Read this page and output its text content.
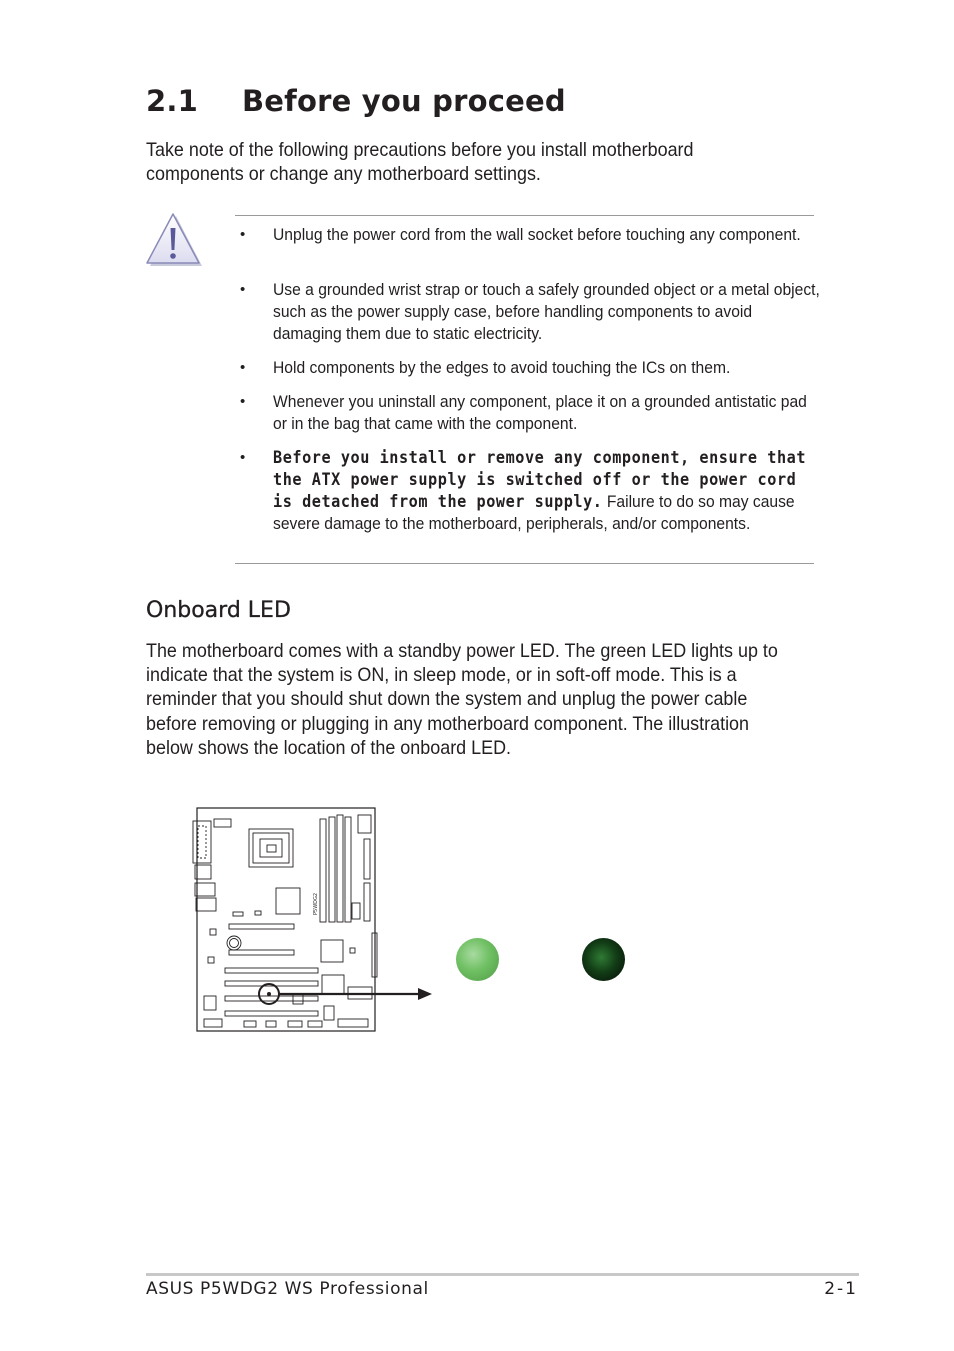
2.1 Before you proceed

Take note of the following precautions before you install motherboard components or change any motherboard settings.

• Unplug the power cord from the wall socket before touching any component.
• Use a grounded wrist strap or touch a safely grounded object or a metal object, such as the power supply case, before handling components to avoid damaging them due to static electricity.
• Hold components by the edges to avoid touching the ICs on them.
• Whenever you uninstall any component, place it on a grounded antistatic pad or in the bag that came with the component.
• Before you install or remove any component, ensure that the ATX power supply is switched off or the power cord is detached from the power supply. Failure to do so may cause severe damage to the motherboard, peripherals, and/or components.
Onboard LED

The motherboard comes with a standby power LED. The green LED lights up to indicate that the system is ON, in sleep mode, or in soft-off mode. This is a reminder that you should shut down the system and unplug the power cable before removing or plugging in any motherboard component. The illustration below shows the location of the onboard LED.

P5WDG2
ASUS P5WDG2 WS Professional	2-1
